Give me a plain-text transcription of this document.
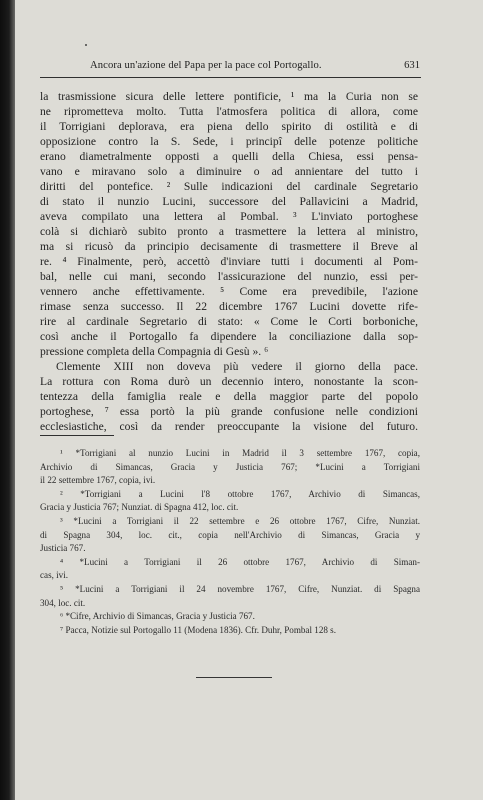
Ancora un'azione del Papa per la pace col Portogallo.	631
la trasmissione sicura delle lettere pontificie, ¹ ma la Curia non se
ne riprometteva molto. Tutta l'atmosfera politica di allora, come
il Torrigiani deplorava, era piena dello spirito di ostilità e di
opposizione contro la S. Sede, i principî delle potenze politiche
erano diametralmente opposti a quelli della Chiesa, essi pensa-
vano e miravano solo a diminuire o ad annientare del tutto i
diritti del pontefice. ² Sulle indicazioni del cardinale Segretario
di stato il nunzio Lucini, successore del Pallavicini a Madrid,
aveva compilato una lettera al Pombal. ³ L'inviato portoghese
colà si dichiarò subito pronto a trasmettere la lettera al ministro,
ma si ricusò da principio decisamente di trasmettere il Breve al
re. ⁴ Finalmente, però, accettò d'inviare tutti i documenti al Pom-
bal, nelle cui mani, secondo l'assicurazione del nunzio, essi per-
vennero anche effettivamente. ⁵ Come era prevedibile, l'azione
rimase senza successo. Il 22 dicembre 1767 Lucini dovette rife-
rire al cardinale Segretario di stato: « Come le Corti borboniche,
così anche il Portogallo fa dipendere la conciliazione dalla sop-
pressione completa della Compagnia di Gesù ». ⁶
Clemente XIII non doveva più vedere il giorno della pace.
La rottura con Roma durò un decennio intero, nonostante la scon-
tentezza della famiglia reale e della maggior parte del popolo
portoghese, ⁷ essa portò la più grande confusione nelle condizioni
ecclesiastiche, così da render preoccupante la visione del futuro.
¹ *Torrigiani al nunzio Lucini in Madrid il 3 settembre 1767, copia,
Archivio di Simancas, Gracia y Justicia 767; *Lucini a Torrigiani
il 22 settembre 1767, copia, ivi.
² *Torrigiani a Lucini l'8 ottobre 1767, Archivio di Simancas,
Gracia y Justicia 767; Nunziat. di Spagna 412, loc. cit.
³ *Lucini a Torrigiani il 22 settembre e 26 ottobre 1767, Cifre, Nunziat.
di Spagna 304, loc. cit., copia nell'Archivio di Simancas, Gracia y
Justicia 767.
⁴ *Lucini a Torrigiani il 26 ottobre 1767, Archivio di Siman-
cas, ivi.
⁵ *Lucini a Torrigiani il 24 novembre 1767, Cifre, Nunziat. di Spagna
304, loc. cit.
⁶ *Cifre, Archivio di Simancas, Gracia y Justicia 767.
⁷ Pacca, Notizie sul Portogallo 11 (Modena 1836). Cfr. Duhr, Pombal 128 s.
